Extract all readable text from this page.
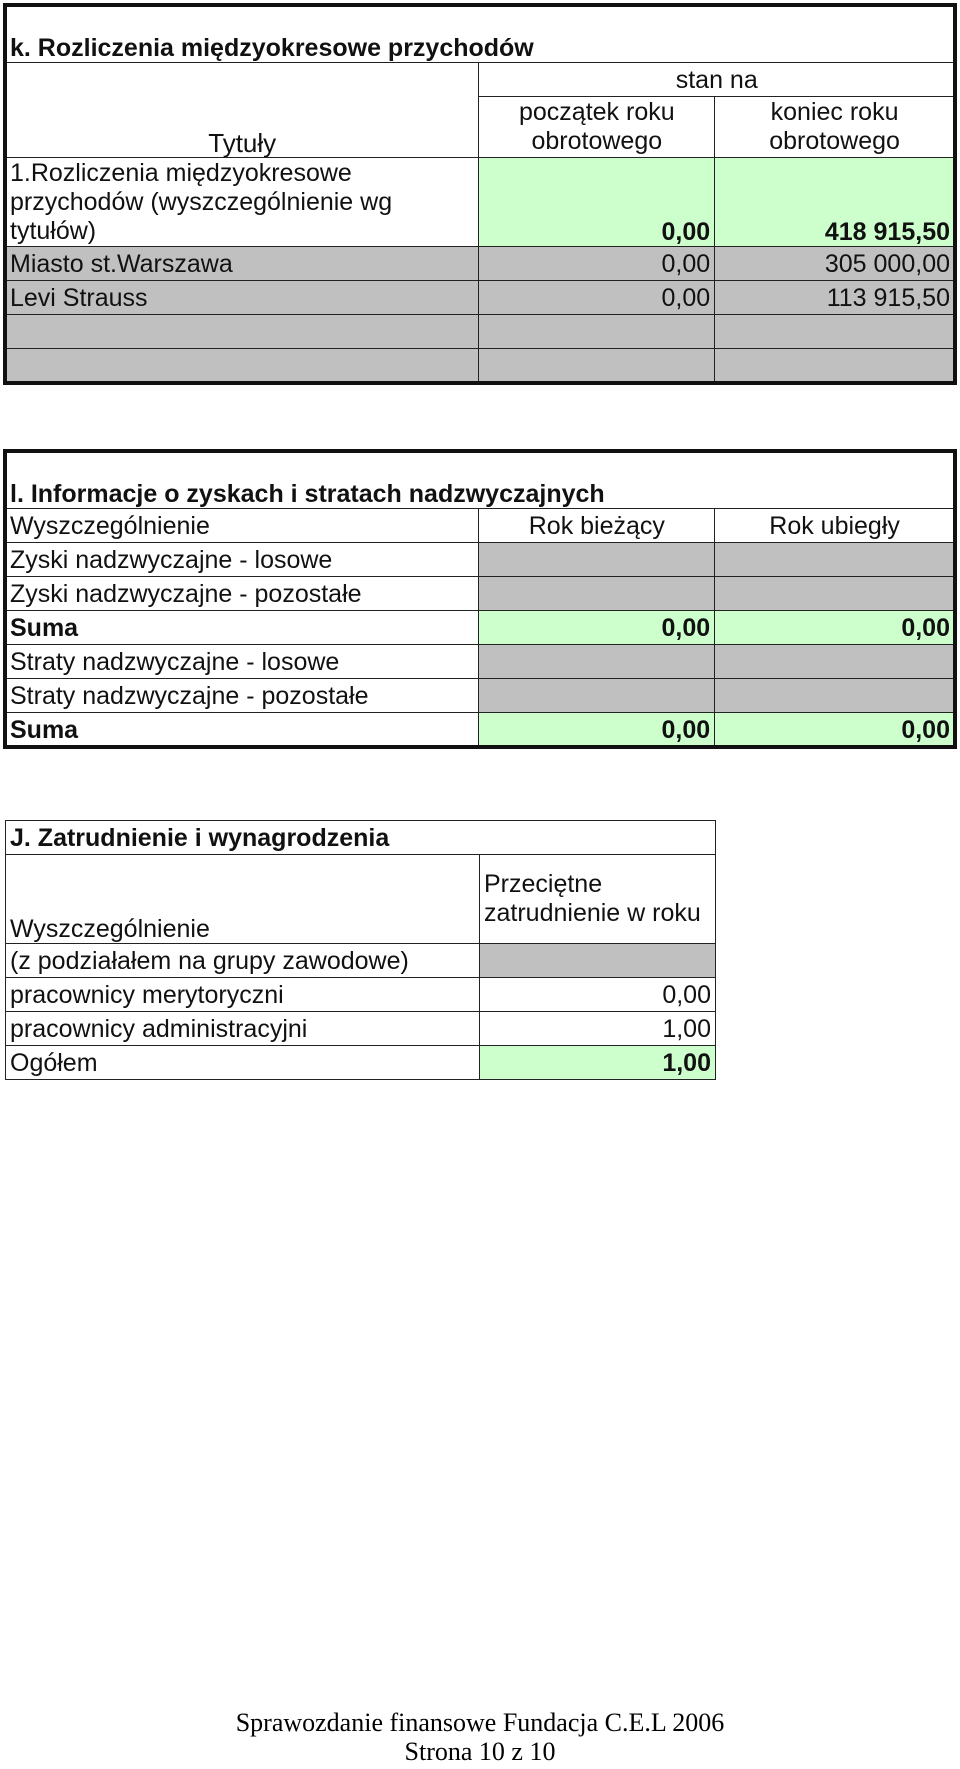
k. Rozliczenia międzyokresowe przychodów		
Tytuły	stan na	
	początek roku obrotowego	koniec roku obrotowego
1.Rozliczenia międzyokresowe przychodów (wyszczególnienie wg tytułów)	0,00	418 915,50
Miasto st.Warszawa	0,00	305 000,00
Levi Strauss	0,00	113 915,50

l. Informacje o zyskach i stratach nadzwyczajnych		
Wyszczególnienie	Rok bieżący	Rok ubiegły
Zyski nadzwyczajne - losowe		
Zyski nadzwyczajne - pozostałe		
Suma	0,00	0,00
Straty nadzwyczajne - losowe		
Straty nadzwyczajne - pozostałe		
Suma	0,00	0,00
J. Zatrudnienie i wynagrodzenia	
Wyszczególnienie	Przeciętne zatrudnienie w roku
(z podziałałem na grupy zawodowe)	
pracownicy merytoryczni	0,00
pracownicy administracyjni	1,00
Ogółem	1,00
Sprawozdanie finansowe Fundacja C.E.L 2006
Strona 10 z 10
